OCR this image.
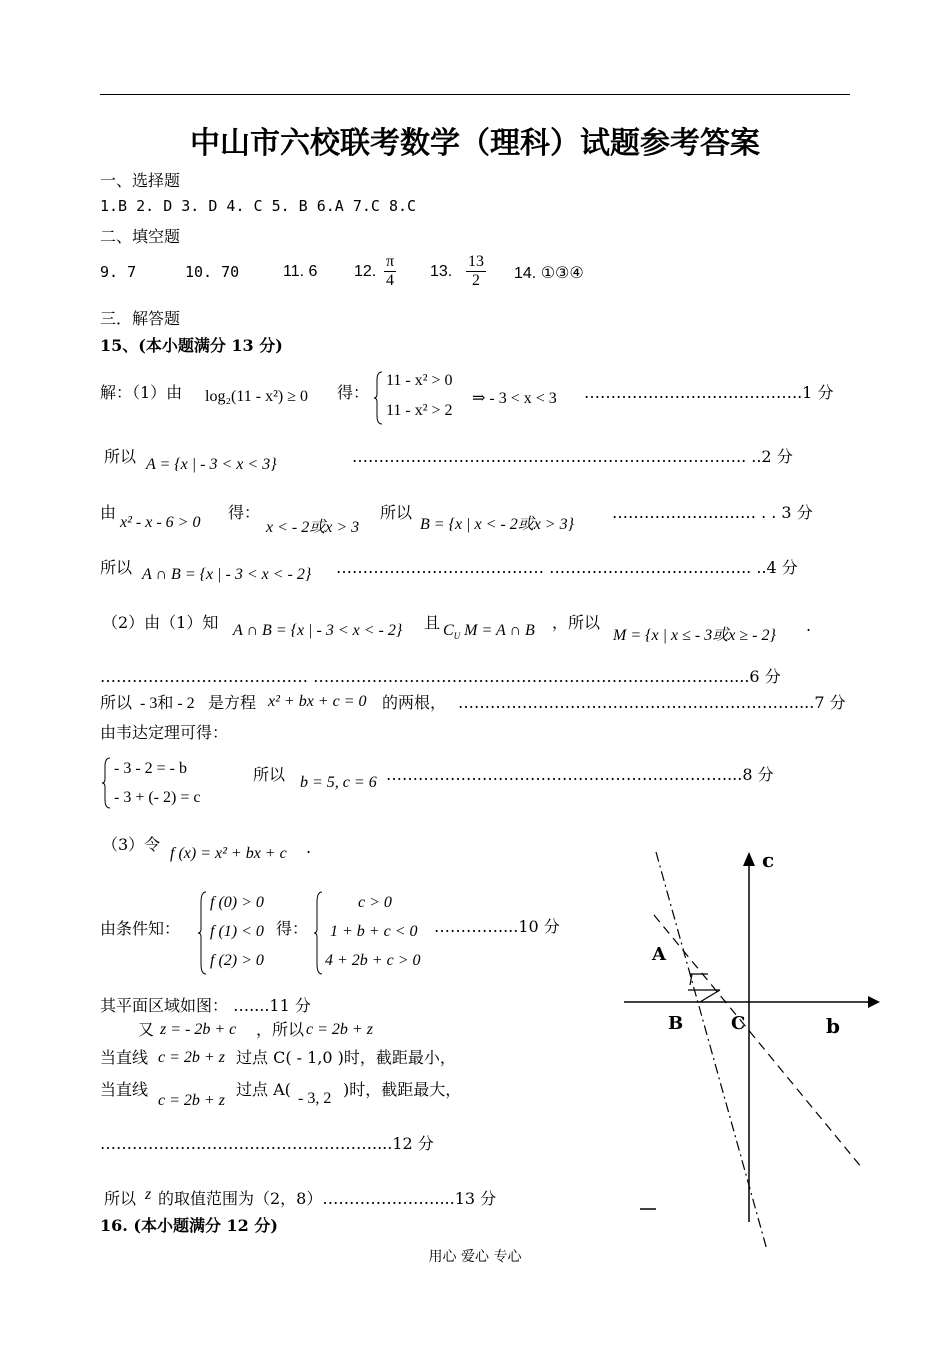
中山市六校联考数学（理科）试题参考答案
一、选择题
1.B 2. D 3. D 4. C 5. B 6.A 7.C 8.C
二、填空题
9. 7	10. 70	11. 6 12. $\frac{\pi}{4} 13$. $\frac{13}{2} 14$. ①③④
三．解答题
15、(本小题满分 13 分)
解：（1）由 log₂(11 - x²) ≥ 0 得：
11 - x² > 0
11 - x² > 2
⇒ - 3 < x < 3 …………………………………..1 分
所以 A = {x | - 3 < x < 3}	……………………………………………………………….. ..2 分
由
x² - x - 6 > 0
得：
x < - 2或x > 3
所以
B = {x | x < - 2或x > 3}
……………………… . . 3 分
所以 A ∩ B = {x | - 3 < x < - 2} ………………………………… ……………………………….. ..4 分
（2）由（1）知 A ∩ B = {x | - 3 < x < - 2} 且 $C_U$ M = A ∩ B ，所以
M = {x | x ≤ - 3或x ≥ - 2}
.
………………………………… ……………………………………………………………………....6 分
所以 - 3和 - 2 是方程 x² + bx + c = 0 的两根， ………………………………………………………....7 分
由韦达定理可得：
- 3 - 2 = - b
- 3 + (- 2) = c
所以 b = 5, c = 6 ………………………………………………………....8 分
（3）令 f (x) = x² + bx + c .
由条件知：
f (0) > 0
f (1) < 0
f (2) > 0
得：
c > 0
1 + b + c < 0
4 + 2b + c > 0
…………....10 分
其平面区域如图： …....11 分
又 z = - 2b + c ，所以 c = 2b + z
当直线 c = 2b + z 过点 C( - 1,0 )时，截距最小，
当直线
c = 2b + z
过点 A( - 3, 2 )时，截距最大，
……………………………………………....12 分
所以 z 的取值范围为（2，8）…………………....13 分
16. (本小题满分 12 分)
c
b
A
B	C
用心 爱心 专心
